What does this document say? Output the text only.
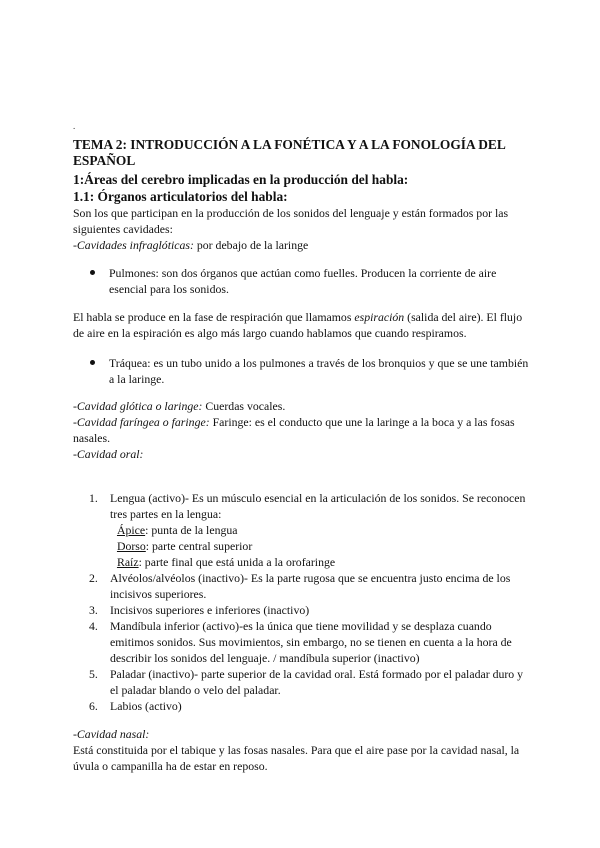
.
TEMA 2: INTRODUCCIÓN A LA FONÉTICA Y A LA FONOLOGÍA DEL ESPAÑOL
1:Áreas del cerebro implicadas en la producción del habla:
1.1: Órganos articulatorios del habla:

Son los que participan en la producción de los sonidos del lenguaje y están formados por las siguientes cavidades:

-Cavidades infraglóticas: por debajo de la laringe

Pulmones: son dos órganos que actúan como fuelles. Producen la corriente de aire esencial para los sonidos.

El habla se produce en la fase de respiración que llamamos espiración (salida del aire). El flujo de aire en la espiración es algo más largo cuando hablamos que cuando respiramos.

Tráquea: es un tubo unido a los pulmones a través de los bronquios y que se une también a la laringe.

-Cavidad glótica o laringe: Cuerdas vocales.

-Cavidad faríngea o faringe: Faringe: es el conducto que une la laringe a la boca y a las fosas nasales.

-Cavidad oral:

1. Lengua (activo)- Es un músculo esencial en la articulación de los sonidos. Se reconocen tres partes en la lengua:
Ápice: punta de la lengua
Dorso: parte central superior
Raíz: parte final que está unida a la orofaringe
2. Alvéolos/alvéolos (inactivo)- Es la parte rugosa que se encuentra justo encima de los incisivos superiores.
3. Incisivos superiores e inferiores (inactivo)
4. Mandíbula inferior (activo)-es la única que tiene movilidad y se desplaza cuando emitimos sonidos. Sus movimientos, sin embargo, no se tienen en cuenta a la hora de describir los sonidos del lenguaje. / mandíbula superior (inactivo)
5. Paladar (inactivo)- parte superior de la cavidad oral. Está formado por el paladar duro y el paladar blando o velo del paladar.
6. Labios (activo)

-Cavidad nasal:

Está constituida por el tabique y las fosas nasales. Para que el aire pase por la cavidad nasal, la úvula o campanilla ha de estar en reposo.
